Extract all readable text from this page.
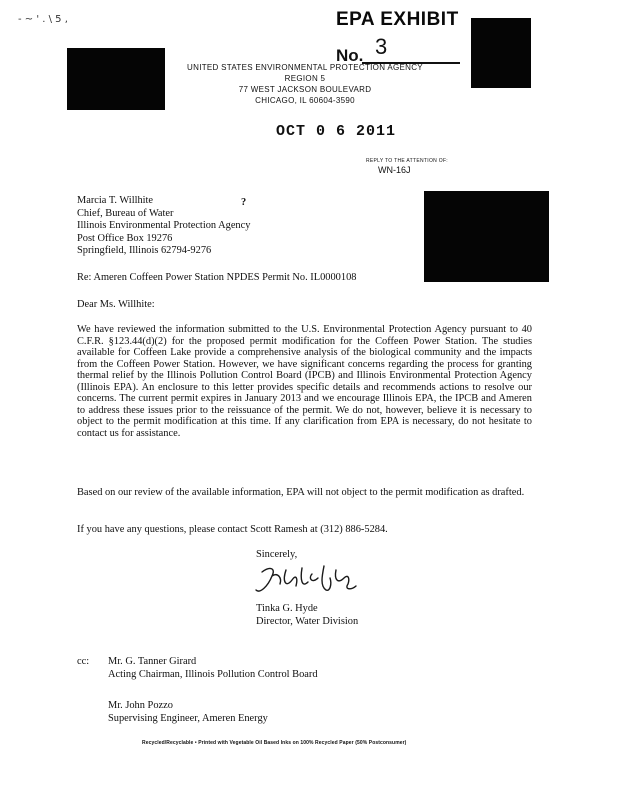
- ~ ' . \ 5 ,	EPA EXHIBIT
No. 3
UNITED STATES ENVIRONMENTAL PROTECTION AGENCY
REGION 5
77 WEST JACKSON BOULEVARD
CHICAGO, IL 60604-3590
OCT 0 6 2011
REPLY TO THE ATTENTION OF:
WN-16J
?
Marcia T. Willhite
Chief, Bureau of Water
Illinois Environmental Protection Agency
Post Office Box 19276
Springfield, Illinois 62794-9276
Re: Ameren Coffeen Power Station NPDES Permit No. IL0000108
Dear Ms. Willhite:
We have reviewed the information submitted to the U.S. Environmental Protection Agency pursuant to 40 C.F.R. §123.44(d)(2) for the proposed permit modification for the Coffeen Power Station. The studies available for Coffeen Lake provide a comprehensive analysis of the biological community and the impacts from the Coffeen Power Station. However, we have significant concerns regarding the process for granting thermal relief by the Illinois Pollution Control Board (IPCB) and Illinois Environmental Protection Agency (Illinois EPA). An enclosure to this letter provides specific details and recommends actions to resolve our concerns. The current permit expires in January 2013 and we encourage Illinois EPA, the IPCB and Ameren to address these issues prior to the reissuance of the permit. We do not, however, believe it is necessary to object to the permit modification at this time. If any clarification from EPA is necessary, do not hesitate to contact us for assistance.
Based on our review of the available information, EPA will not object to the permit modification as drafted.
If you have any questions, please contact Scott Ramesh at (312) 886-5284.
Sincerely,
Tinka G. Hyde
Director, Water Division
cc: Mr. G. Tanner Girard
Acting Chairman, Illinois Pollution Control Board
Mr. John Pozzo
Supervising Engineer, Ameren Energy
Recycled/Recyclable • Printed with Vegetable Oil Based Inks on 100% Recycled Paper (50% Postconsumer)
